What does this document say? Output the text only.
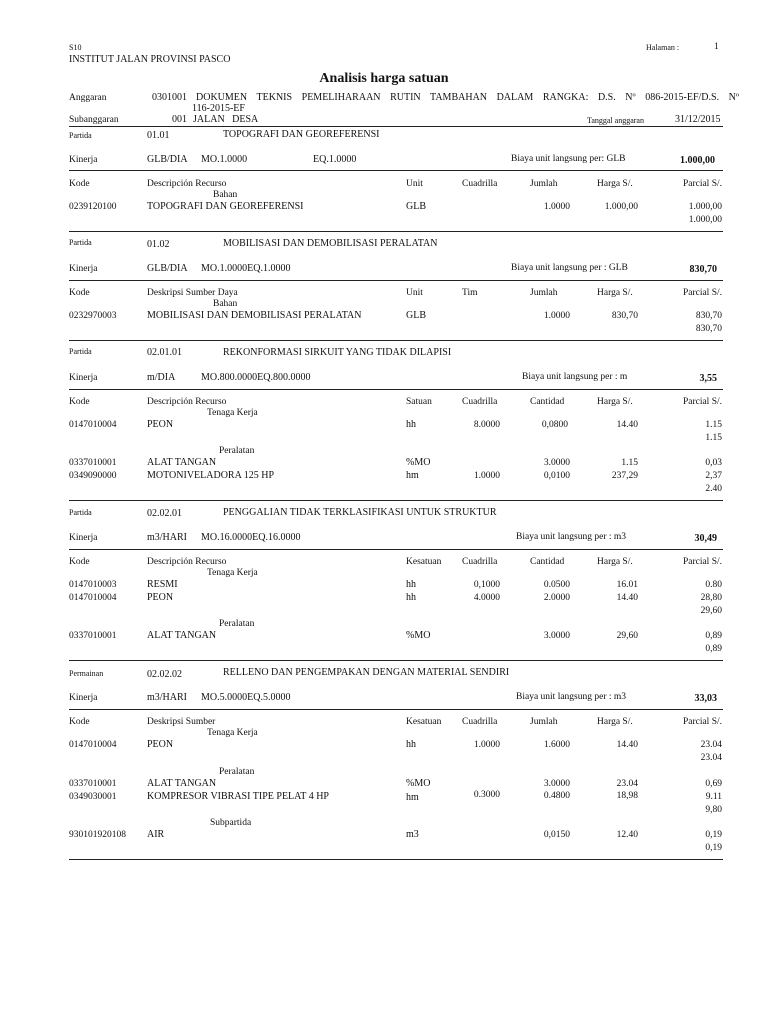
S10	Halaman :	1
INSTITUT JALAN PROVINSI PASCO
Analisis harga satuan
Anggaran	0301001 DOKUMEN TEKNIS PEMELIHARAAN RUTIN TAMBAHAN DALAM RANGKA: D.S. Nº 086-2015-EF/D.S. Nº
116-2015-EF
Subanggaran	001 JALAN   DESA	Tanggal anggaran	31/12/2015
Partida	01.01	TOPOGRAFI DAN GEOREFERENSI
Kinerja	GLB/DIA MO.1.0000	EQ.1.0000	Biaya unit langsung per: GLB	1.000,00
Kode	Descripción Recurso	Unit	Cuadrilla	Jumlah	Harga S/.	Parcial S/.
Bahan
0239120100	TOPOGRAFI DAN GEOREFERENSI	GLB	1.0000	1.000,00	1.000,00
1.000,00
Partida	01.02	MOBILISASI DAN DEMOBILISASI PERALATAN
Kinerja	GLB/DIA MO.1.0000EQ.1.0000	Biaya unit langsung per : GLB	830,70
Kode	Deskripsi Sumber Daya	Unit	Tim	Jumlah	Harga S/.	Parcial S/.
Bahan
0232970003	MOBILISASI DAN DEMOBILISASI PERALATAN	GLB	1.0000	830,70	830,70
830,70
Partida	02.01.01	REKONFORMASI SIRKUIT YANG TIDAK DILAPISI
Kinerja	m/DIA	MO.800.0000EQ.800.0000	Biaya unit langsung per : m	3,55
Kode	Descripción Recurso	Satuan	Cuadrilla	Cantidad	Harga S/.	Parcial S/.
Tenaga Kerja
0147010004	PEON	hh	8.0000	0,0800	14.40	1.15
1.15
Peralatan
0337010001	ALAT TANGAN	%MO	3.0000	1.15	0,03
0349090000	MOTONIVELADORA 125 HP	hm	1.0000	0,0100	237,29	2,37
2.40
Partida	02.02.01	PENGGALIAN TIDAK TERKLASIFIKASI UNTUK STRUKTUR
Kinerja	m3/HARI MO.16.0000EQ.16.0000	Biaya unit langsung per : m3	30,49
Kode	Descripción Recurso	Kesatuan Cuadrilla	Cantidad	Harga S/.	Parcial S/.
Tenaga Kerja
0147010003	RESMI	hh	0,1000	0.0500	16.01	0.80
0147010004	PEON	hh	4.0000	2.0000	14.40	28,80
29,60
Peralatan
0337010001	ALAT TANGAN	%MO	3.0000	29,60	0,89
0,89
Permainan	02.02.02	RELLENO DAN PENGEMPAKAN DENGAN MATERIAL SENDIRI
Kinerja	m3/HARI MO.5.0000EQ.5.0000	Biaya unit langsung per : m3	33,03
Kode	Deskripsi Sumber	Kesatuan Cuadrilla	Jumlah	Harga S/.	Parcial S/.
Tenaga Kerja
0147010004	PEON	hh	1.0000	1.6000	14.40	23.04
23.04
Peralatan
0337010001	ALAT TANGAN	%MO	3.0000	23.04	0,69
0349030001	KOMPRESOR VIBRASI TIPE PELAT 4 HP	hm	0.3000	0.4800	18,98	9.11
9,80
Subpartida
930101920108 AIR	m3	0,0150	12.40	0,19
0,19
